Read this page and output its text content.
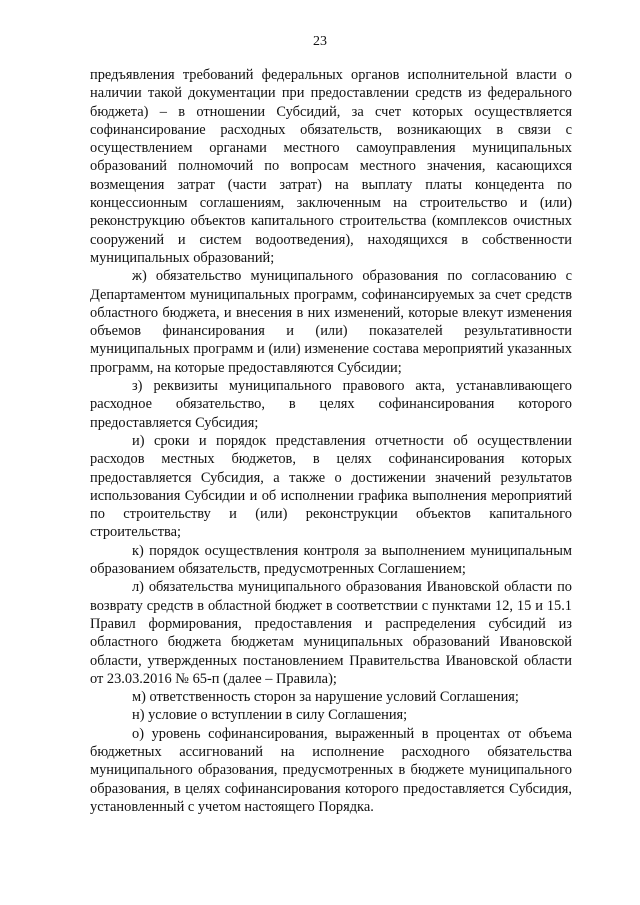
23

предъявления требований федеральных органов исполнительной власти о наличии такой документации при предоставлении средств из федерального бюджета) – в отношении Субсидий, за счет которых осуществляется софинансирование расходных обязательств, возникающих в связи с осуществлением органами местного самоуправления муниципальных образований полномочий по вопросам местного значения, касающихся возмещения затрат (части затрат) на выплату платы концедента по концессионным соглашениям, заключенным на строительство и (или) реконструкцию объектов капитального строительства (комплексов очистных сооружений и систем водоотведения), находящихся в собственности муниципальных образований;

ж) обязательство муниципального образования по согласованию с Департаментом муниципальных программ, софинансируемых за счет средств областного бюджета, и внесения в них изменений, которые влекут изменения объемов финансирования и (или) показателей результативности муниципальных программ и (или) изменение состава мероприятий указанных программ, на которые предоставляются Субсидии;

з) реквизиты муниципального правового акта, устанавливающего расходное обязательство, в целях софинансирования которого предоставляется Субсидия;

и) сроки и порядок представления отчетности об осуществлении расходов местных бюджетов, в целях софинансирования которых предоставляется Субсидия, а также о достижении значений результатов использования Субсидии и об исполнении графика выполнения мероприятий по строительству и (или) реконструкции объектов капитального строительства;

к) порядок осуществления контроля за выполнением муниципальным образованием обязательств, предусмотренных Соглашением;

л) обязательства муниципального образования Ивановской области по возврату средств в областной бюджет в соответствии с пунктами 12, 15 и 15.1 Правил формирования, предоставления и распределения субсидий из областного бюджета бюджетам муниципальных образований Ивановской области, утвержденных постановлением Правительства Ивановской области от 23.03.2016 № 65-п (далее – Правила);

м) ответственность сторон за нарушение условий Соглашения;

н) условие о вступлении в силу Соглашения;

о) уровень софинансирования, выраженный в процентах от объема бюджетных ассигнований на исполнение расходного обязательства муниципального образования, предусмотренных в бюджете муниципального образования, в целях софинансирования которого предоставляется Субсидия, установленный с учетом настоящего Порядка.
